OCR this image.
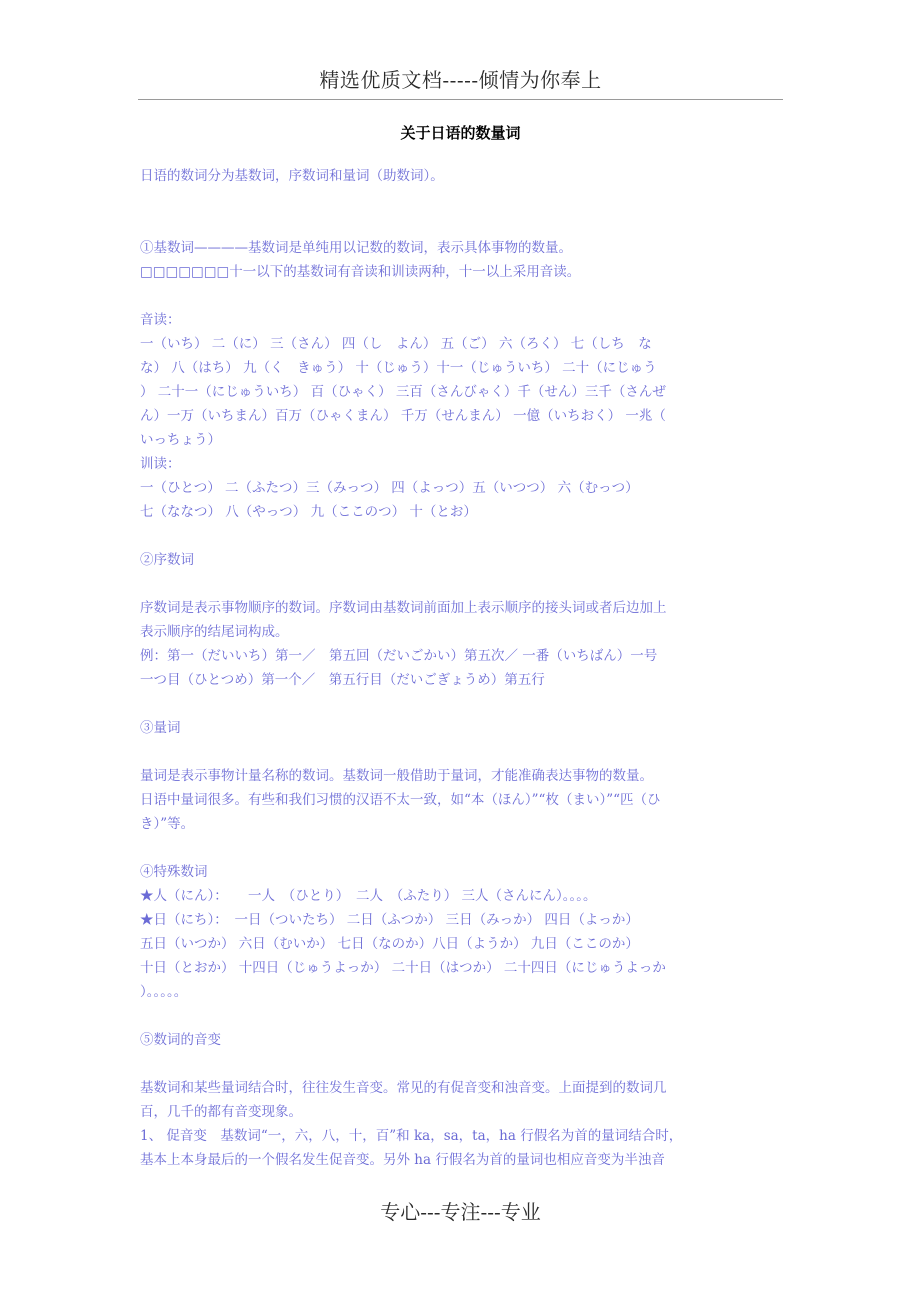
精选优质文档-----倾情为你奉上
关于日语的数量词

日语的数词分为基数词，序数词和量词（助数词）。

①基数词————基数词是单纯用以记数的数词，表示具体事物的数量。

□□□□□□□十一以下的基数词有音读和训读两种，十一以上采用音读。

音读：

一（いち） 二（に） 三（さん） 四（し　よん） 五（ご） 六（ろく） 七（しち　な

な） 八（はち） 九（く　きゅう） 十（じゅう）十一（じゅういち） 二十（にじゅう

） 二十一（にじゅういち） 百（ひゃく） 三百（さんびゃく）千（せん）三千（さんぜ

ん）一万（いちまん）百万（ひゃくまん） 千万（せんまん） 一億（いちおく） 一兆（

いっちょう）

训读：

一（ひとつ） 二（ふたつ）三（みっつ） 四（よっつ）五（いつつ） 六（むっつ）

七（ななつ） 八（やっつ） 九（ここのつ） 十（とお）

②序数词

序数词是表示事物顺序的数词。序数词由基数词前面加上表示顺序的接头词或者后边加上

表示顺序的结尾词构成。

例：第一（だいいち）第一／　第五回（だいごかい）第五次／ 一番（いちばん）一号

一つ目（ひとつめ）第一个／　第五行目（だいごぎょうめ）第五行

③量词

量词是表示事物计量名称的数词。基数词一般借助于量词，才能准确表达事物的数量。

日语中量词很多。有些和我们习惯的汉语不太一致，如“本（ほん）”“枚（まい）”“匹（ひ

き）”等。

④特殊数词

★人（にん）：　　一人　（ひとり）　二人　（ふたり） 三人（さんにん）。。。。

★日（にち）：　一日（ついたち） 二日（ふつか） 三日（みっか） 四日（よっか）

五日（いつか） 六日（むいか） 七日（なのか）八日（ようか） 九日（ここのか）

十日（とおか） 十四日（じゅうよっか） 二十日（はつか） 二十四日（にじゅうよっか

）。。。。。

⑤数词的音变

基数词和某些量词结合时，往往发生音变。常见的有促音变和浊音变。上面提到的数词几

百，几千的都有音变现象。

1、 促音变　基数词“一，六，八，十，百”和 ka，sa，ta，ha 行假名为首的量词结合时，

基本上本身最后的一个假名发生促音变。另外 ha 行假名为首的量词也相应音变为半浊音

专心---专注---专业
